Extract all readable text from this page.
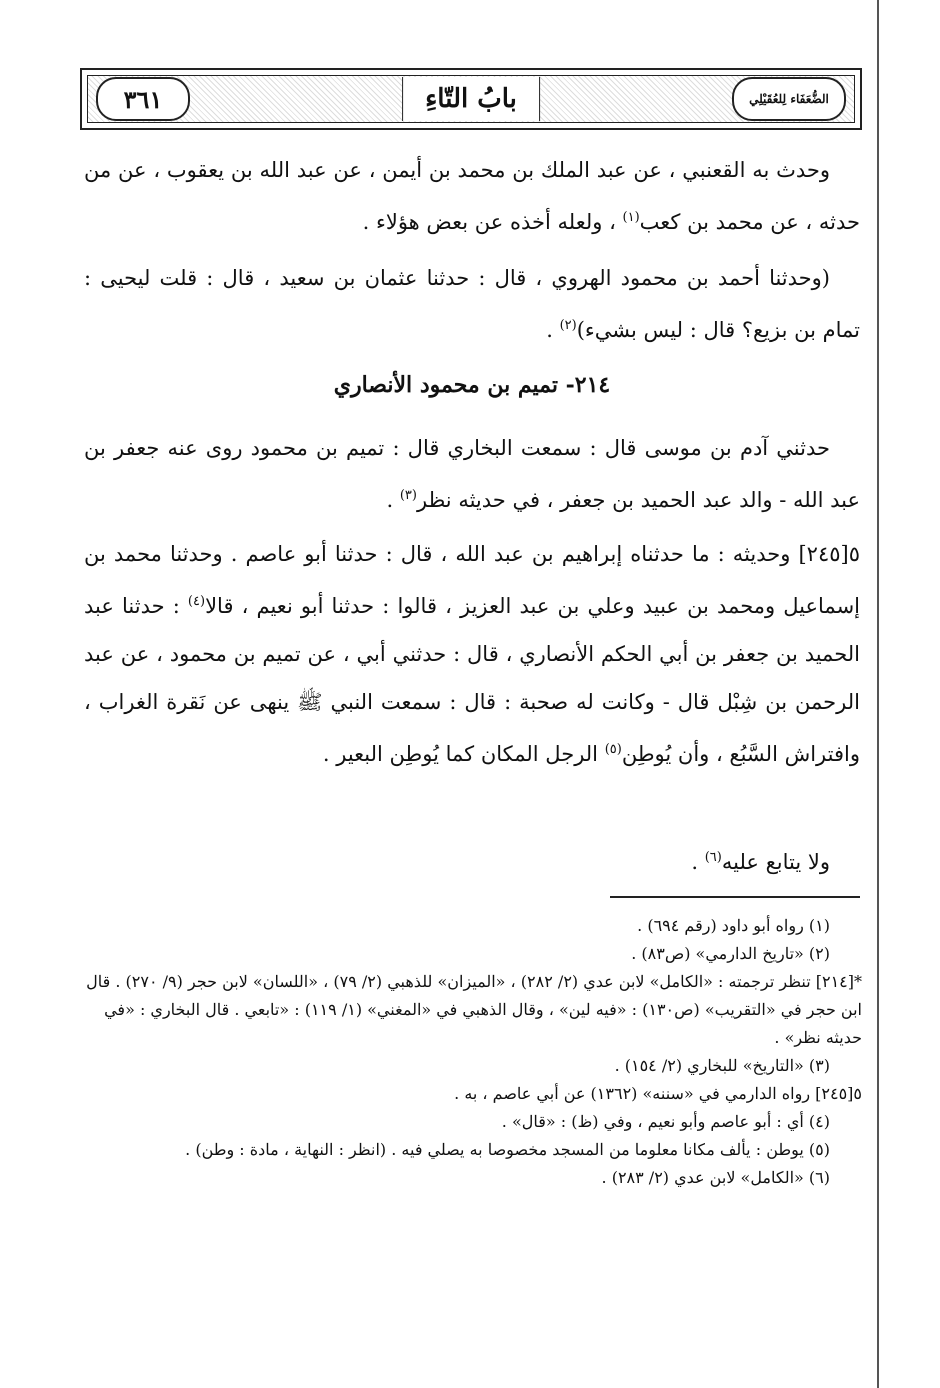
٣٦١	بابُ التّاءِ	الضُّعَفَاء لِلعُقَيْلِي

وحدث به القعنبي ، عن عبد الملك بن محمد بن أيمن ، عن عبد الله بن يعقوب ، عن من حدثه ، عن محمد بن كعب$^{(١)}$ ، ولعله أخذه عن بعض هؤلاء .

(وحدثنا أحمد بن محمود الهروي ، قال : حدثنا عثمان بن سعيد ، قال : قلت ليحيى : تمام بن بزيع؟ قال : ليس بشيء)$^{(٢)}$ .

٢١٤- تميم بن محمود الأنصاري

حدثني آدم بن موسى قال : سمعت البخاري قال : تميم بن محمود روى عنه جعفر بن عبد الله - والد عبد الحميد بن جعفر ، في حديثه نظر$^{(٣)}$ .

٥[٢٤٥] وحديثه : ما حدثناه إبراهيم بن عبد الله ، قال : حدثنا أبو عاصم . وحدثنا محمد بن إسماعيل ومحمد بن عبيد وعلي بن عبد العزيز ، قالوا : حدثنا أبو نعيم ، قالا$^{(٤)}$ : حدثنا عبد الحميد بن جعفر بن أبي الحكم الأنصاري ، قال : حدثني أبي ، عن تميم بن محمود ، عن عبد الرحمن بن شِبْل قال - وكانت له صحبة : قال : سمعت النبي ﷺ ينهى عن نَقرة الغراب ، وافتراش السَّبُع ، وأن يُوطِن$^{(٥)}$ الرجل المكان كما يُوطِن البعير .

ولا يتابع عليه$^{(٦)}$ .

(١) رواه أبو داود (رقم ٦٩٤) .
(٢) «تاريخ الدارمي» (ص٨٣) .
*[٢١٤] تنظر ترجمته : «الكامل» لابن عدي (٢/ ٢٨٢) ، «الميزان» للذهبي (٢/ ٧٩) ، «اللسان» لابن حجر (٩/ ٢٧٠) . قال ابن حجر في «التقريب» (ص١٣٠) : «فيه لين» ، وقال الذهبي في «المغني» (١/ ١١٩) : «تابعي . قال البخاري : «في حديثه نظر» .
(٣) «التاريخ» للبخاري (٢/ ١٥٤) .
٥[٢٤٥] رواه الدارمي في «سننه» (١٣٦٢) عن أبي عاصم ، به .
(٤) أي : أبو عاصم وأبو نعيم ، وفي (ظ) : «قال» .
(٥) يوطن : يألف مكانا معلوما من المسجد مخصوصا به يصلي فيه . (انظر : النهاية ، مادة : وطن) .
(٦) «الكامل» لابن عدي (٢/ ٢٨٣) .
